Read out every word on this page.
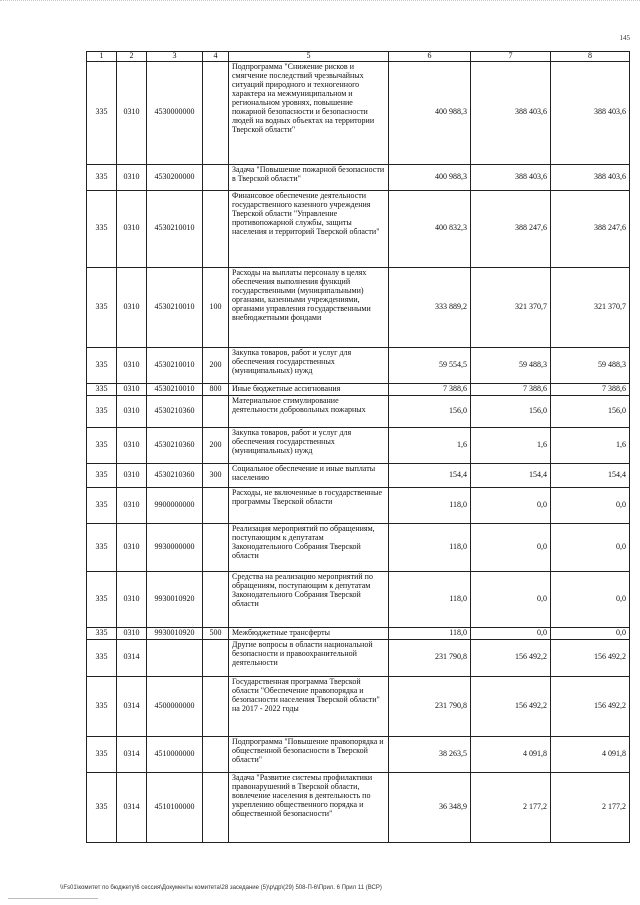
145
1	2	3	4	5	6	7	8
335	0310	4530000000		Подпрограмма "Снижение рисков и смягчение последствий чрезвычайных ситуаций природного и техногенного характера на межмуниципальном и региональном уровнях, повышение пожарной безопасности и безопасности людей на водных объектах на территории Тверской области"	400 988,3	388 403,6	388 403,6
335	0310	4530200000		Задача "Повышение пожарной безопасности в Тверской области"	400 988,3	388 403,6	388 403,6
335	0310	4530210010		Финансовое обеспечение деятельности государственного казенного учреждения Тверской области "Управление противопожарной службы, защиты населения и территорий Тверской области"	400 832,3	388 247,6	388 247,6
335	0310	4530210010	100	Расходы на выплаты персоналу в целях обеспечения выполнения функций государственными (муниципальными) органами, казенными учреждениями, органами управления государственными внебюджетными фондами	333 889,2	321 370,7	321 370,7
335	0310	4530210010	200	Закупка товаров, работ и услуг для обеспечения государственных (муниципальных) нужд	59 554,5	59 488,3	59 488,3
335	0310	4530210010	800	Иные бюджетные ассигнования	7 388,6	7 388,6	7 388,6
335	0310	4530210360		Материальное стимулирование деятельности добровольных пожарных	156,0	156,0	156,0
335	0310	4530210360	200	Закупка товаров, работ и услуг для обеспечения государственных (муниципальных) нужд	1,6	1,6	1,6
335	0310	4530210360	300	Социальное обеспечение и иные выплаты населению	154,4	154,4	154,4
335	0310	9900000000		Расходы, не включенные в государственные программы Тверской области	118,0	0,0	0,0
335	0310	9930000000		Реализация мероприятий по обращениям, поступающим к депутатам Законодательного Собрания Тверской области	118,0	0,0	0,0
335	0310	9930010920		Средства на реализацию мероприятий по обращениям, поступающим к депутатам Законодательного Собрания Тверской области	118,0	0,0	0,0
335	0310	9930010920	500	Межбюджетные трансферты	118,0	0,0	0,0
335	0314			Другие вопросы в области национальной безопасности и правоохранительной деятельности	231 790,8	156 492,2	156 492,2
335	0314	4500000000		Государственная программа Тверской области "Обеспечение правопорядка и безопасности населения Тверской области" на 2017 - 2022 годы	231 790,8	156 492,2	156 492,2
335	0314	4510000000		Подпрограмма "Повышение правопорядка и общественной безопасности в Тверской области"	38 263,5	4 091,8	4 091,8
335	0314	4510100000		Задача "Развитие системы профилактики правонарушений в Тверской области, вовлечение населения в деятельность по укреплению общественного порядка и общественной безопасности"	36 348,9	2 177,2	2 177,2
\\Fs01\комитет по бюджету\6 сессия\Документы комитета\28 заседание (5)\р\др\(29) 508-П-6\Прил. 6 Прил 11 (ВСР)
